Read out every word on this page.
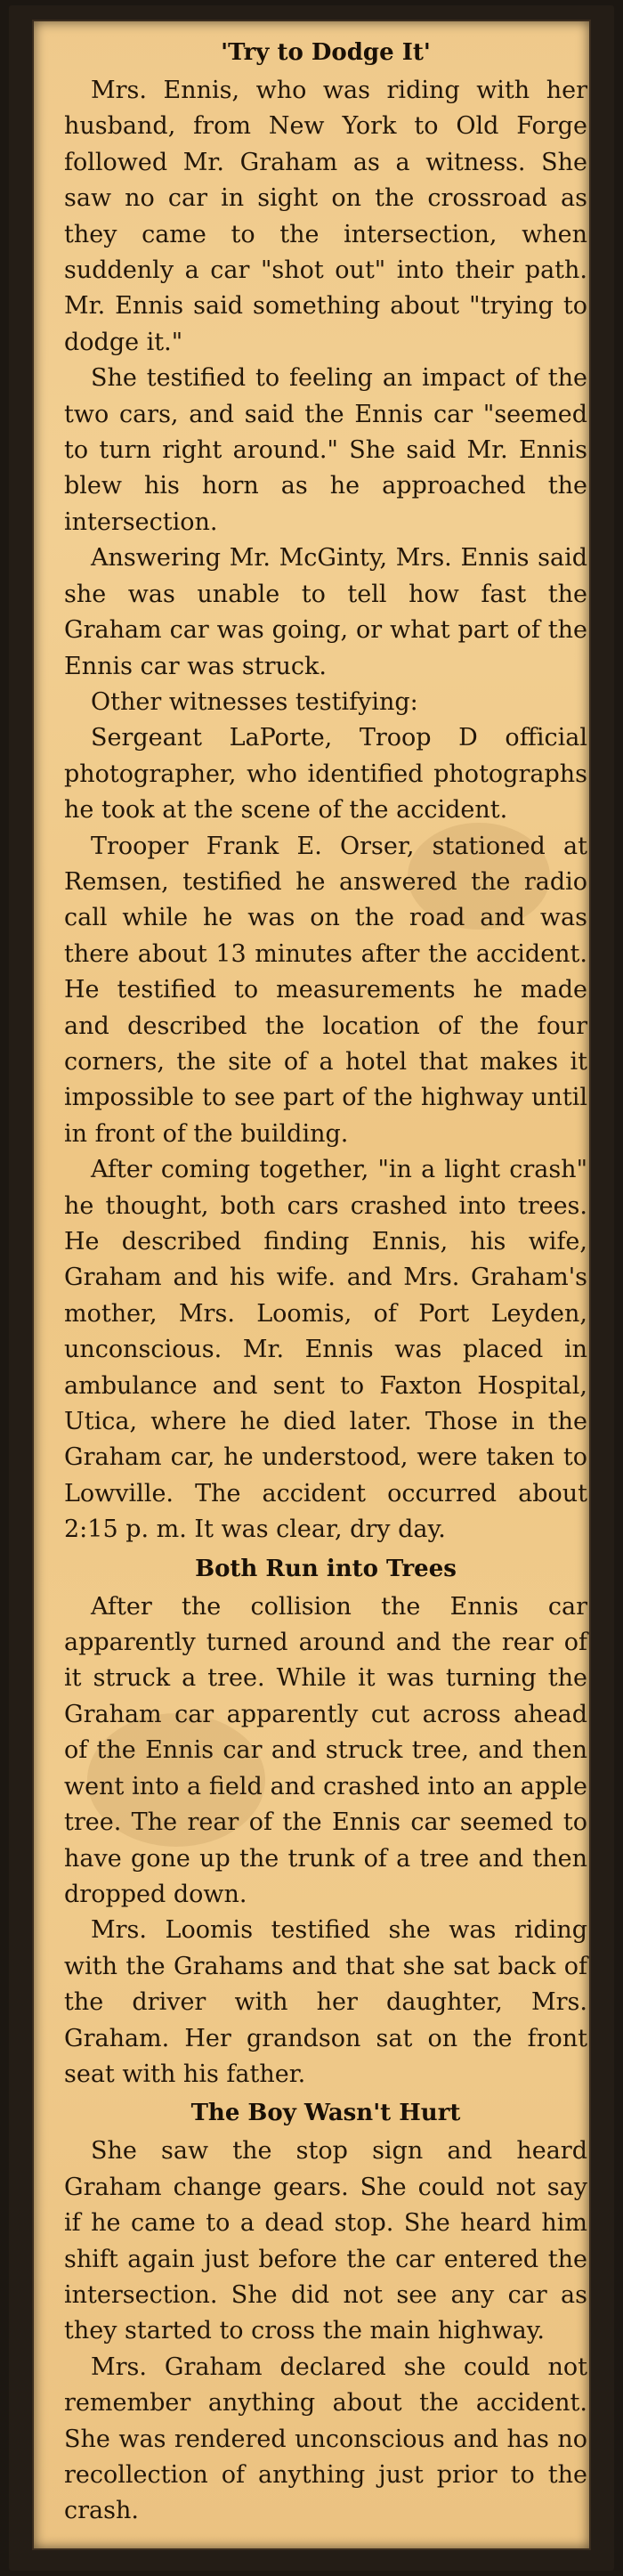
'Try to Dodge It'

Mrs. Ennis, who was riding with her husband, from New York to Old Forge followed Mr. Graham as a witness. She saw no car in sight on the crossroad as they came to the intersection, when suddenly a car "shot out" into their path. Mr. Ennis said something about "trying to dodge it."

She testified to feeling an impact of the two cars, and said the Ennis car "seemed to turn right around." She said Mr. Ennis blew his horn as he approached the intersection.

Answering Mr. McGinty, Mrs. Ennis said she was unable to tell how fast the Graham car was going, or what part of the Ennis car was struck.

Other witnesses testifying:

Sergeant LaPorte, Troop D official photographer, who identified photographs he took at the scene of the accident.

Trooper Frank E. Orser, stationed at Remsen, testified he answered the radio call while he was on the road and was there about 13 minutes after the accident. He testified to measurements he made and described the location of the four corners, the site of a hotel that makes it impossible to see part of the highway until in front of the building.

After coming together, "in a light crash" he thought, both cars crashed into trees. He described finding Ennis, his wife, Graham and his wife. and Mrs. Graham's mother, Mrs. Loomis, of Port Leyden, unconscious. Mr. Ennis was placed in ambulance and sent to Faxton Hospital, Utica, where he died later. Those in the Graham car, he understood, were taken to Lowville. The accident occurred about 2:15 p. m. It was clear, dry day.

Both Run into Trees

After the collision the Ennis car apparently turned around and the rear of it struck a tree. While it was turning the Graham car apparently cut across ahead of the Ennis car and struck tree, and then went into a field and crashed into an apple tree. The rear of the Ennis car seemed to have gone up the trunk of a tree and then dropped down.

Mrs. Loomis testified she was riding with the Grahams and that she sat back of the driver with her daughter, Mrs. Graham. Her grandson sat on the front seat with his father.

The Boy Wasn't Hurt

She saw the stop sign and heard Graham change gears. She could not say if he came to a dead stop. She heard him shift again just before the car entered the intersection. She did not see any car as they started to cross the main highway.

Mrs. Graham declared she could not remember anything about the accident. She was rendered unconscious and has no recollection of anything just prior to the crash.
